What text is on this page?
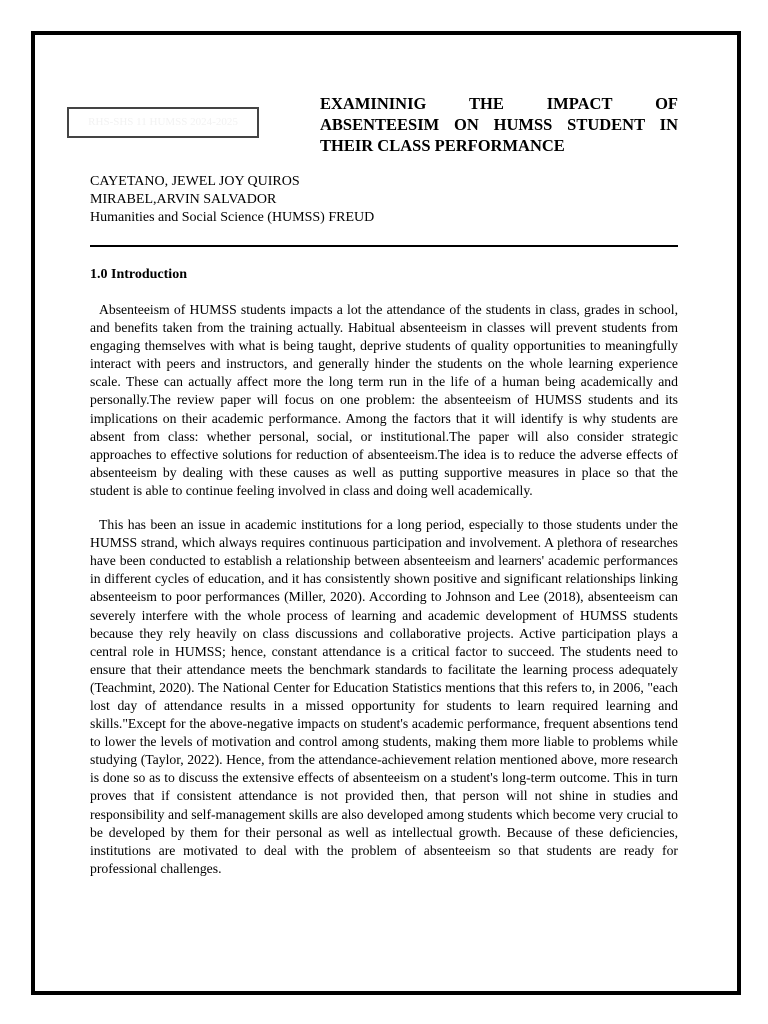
RHS-SHS 11 HUMSS 2024-2025
EXAMININIG THE IMPACT OF ABSENTEESIM ON HUMSS STUDENT IN THEIR CLASS PERFORMANCE
CAYETANO, JEWEL JOY QUIROS
MIRABEL,ARVIN SALVADOR
Humanities and Social Science (HUMSS) FREUD
1.0 Introduction

Absenteeism of HUMSS students impacts a lot the attendance of the students in class, grades in school, and benefits taken from the training actually. Habitual absenteeism in classes will prevent students from engaging themselves with what is being taught, deprive students of quality opportunities to meaningfully interact with peers and instructors, and generally hinder the students on the whole learning experience scale. These can actually affect more the long term run in the life of a human being academically and personally.The review paper will focus on one problem: the absenteeism of HUMSS students and its implications on their academic performance. Among the factors that it will identify is why students are absent from class: whether personal, social, or institutional.The paper will also consider strategic approaches to effective solutions for reduction of absenteeism.The idea is to reduce the adverse effects of absenteeism by dealing with these causes as well as putting supportive measures in place so that the student is able to continue feeling involved in class and doing well academically.

This has been an issue in academic institutions for a long period, especially to those students under the HUMSS strand, which always requires continuous participation and involvement. A plethora of researches have been conducted to establish a relationship between absenteeism and learners' academic performances in different cycles of education, and it has consistently shown positive and significant relationships linking absenteeism to poor performances (Miller, 2020). According to Johnson and Lee (2018), absenteeism can severely interfere with the whole process of learning and academic development of HUMSS students because they rely heavily on class discussions and collaborative projects. Active participation plays a central role in HUMSS; hence, constant attendance is a critical factor to succeed. The students need to ensure that their attendance meets the benchmark standards to facilitate the learning process adequately (Teachmint, 2020). The National Center for Education Statistics mentions that this refers to, in 2006, "each lost day of attendance results in a missed opportunity for students to learn required learning and skills."Except for the above-negative impacts on student's academic performance, frequent absentions tend to lower the levels of motivation and control among students, making them more liable to problems while studying (Taylor, 2022). Hence, from the attendance-achievement relation mentioned above, more research is done so as to discuss the extensive effects of absenteeism on a student's long-term outcome. This in turn proves that if consistent attendance is not provided then, that person will not shine in studies and responsibility and self-management skills are also developed among students which become very crucial to be developed by them for their personal as well as intellectual growth. Because of these deficiencies, institutions are motivated to deal with the problem of absenteeism so that students are ready for professional challenges.
